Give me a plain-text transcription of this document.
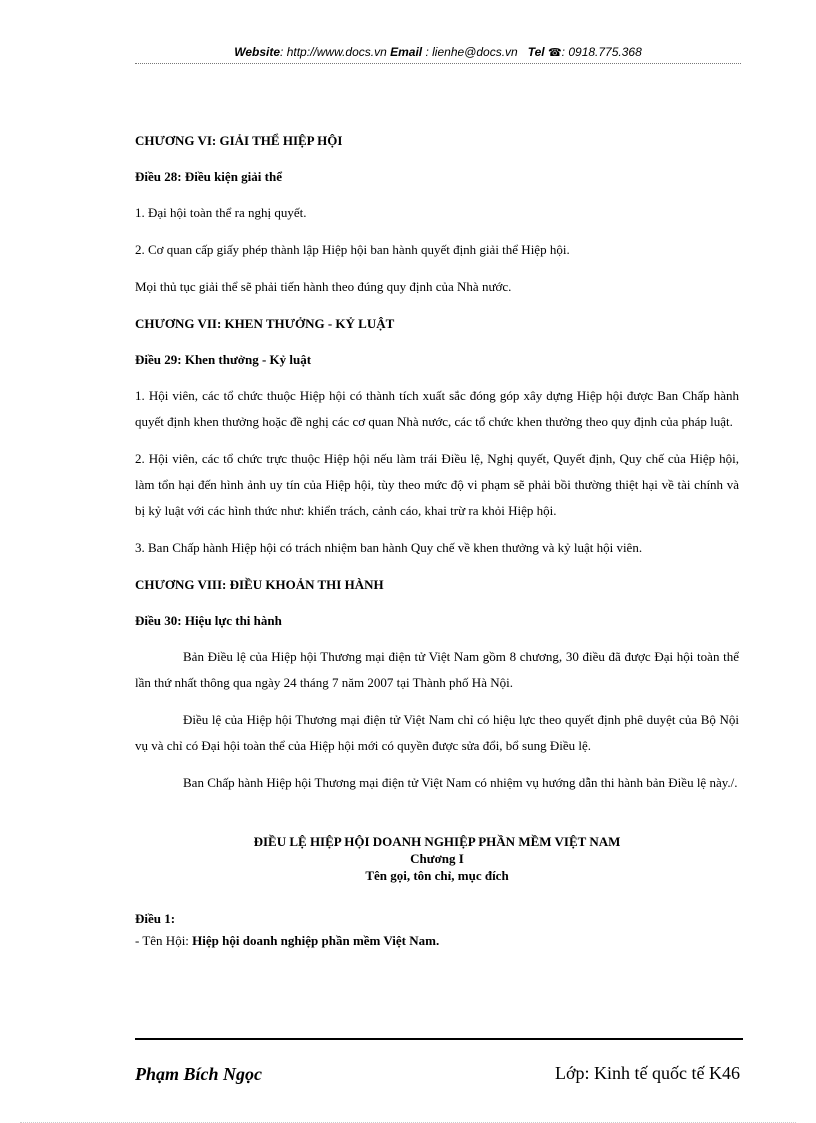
Website: http://www.docs.vn Email : lienhe@docs.vn Tel ☎: 0918.775.368

CHƯƠNG VI: GIẢI THỂ HIỆP HỘI

Điều 28: Điều kiện giải thể

1. Đại hội toàn thể ra nghị quyết.

2. Cơ quan cấp giấy phép thành lập Hiệp hội ban hành quyết định giải thể Hiệp hội.

Mọi thủ tục giải thể sẽ phải tiến hành theo đúng quy định của Nhà nước.

CHƯƠNG VII: KHEN THƯỞNG - KỶ LUẬT

Điều 29: Khen thưởng - Kỷ luật

1. Hội viên, các tổ chức thuộc Hiệp hội có thành tích xuất sắc đóng góp xây dựng Hiệp hội được Ban Chấp hành quyết định khen thưởng hoặc đề nghị các cơ quan Nhà nước, các tổ chức khen thưởng theo quy định của pháp luật.

2. Hội viên, các tổ chức trực thuộc Hiệp hội nếu làm trái Điều lệ, Nghị quyết, Quyết định, Quy chế của Hiệp hội, làm tổn hại đến hình ảnh uy tín của Hiệp hội, tùy theo mức độ vi phạm sẽ phải bồi thường thiệt hại về tài chính và bị kỷ luật với các hình thức như: khiển trách, cảnh cáo, khai trừ ra khỏi Hiệp hội.

3. Ban Chấp hành Hiệp hội có trách nhiệm ban hành Quy chế về khen thưởng và kỷ luật hội viên.

CHƯƠNG VIII: ĐIỀU KHOẢN THI HÀNH

Điều 30: Hiệu lực thi hành

Bản Điều lệ của Hiệp hội Thương mại điện tử Việt Nam gồm 8 chương, 30 điều đã được Đại hội toàn thể lần thứ nhất thông qua ngày 24 tháng 7 năm 2007 tại Thành phố Hà Nội.

Điều lệ của Hiệp hội Thương mại điện tử Việt Nam chỉ có hiệu lực theo quyết định phê duyệt của Bộ Nội vụ và chỉ có Đại hội toàn thể của Hiệp hội mới có quyền được sửa đổi, bổ sung Điều lệ.

Ban Chấp hành Hiệp hội Thương mại điện tử Việt Nam có nhiệm vụ hướng dẫn thi hành bản Điều lệ này./.

ĐIỀU LỆ HIỆP HỘI DOANH NGHIỆP PHẦN MỀM VIỆT NAM

Chương I

Tên gọi, tôn chỉ, mục đích

Điều 1:

- Tên Hội: Hiệp hội doanh nghiệp phần mềm Việt Nam.

Phạm Bích Ngọc	Lớp: Kinh tế quốc tế K46
